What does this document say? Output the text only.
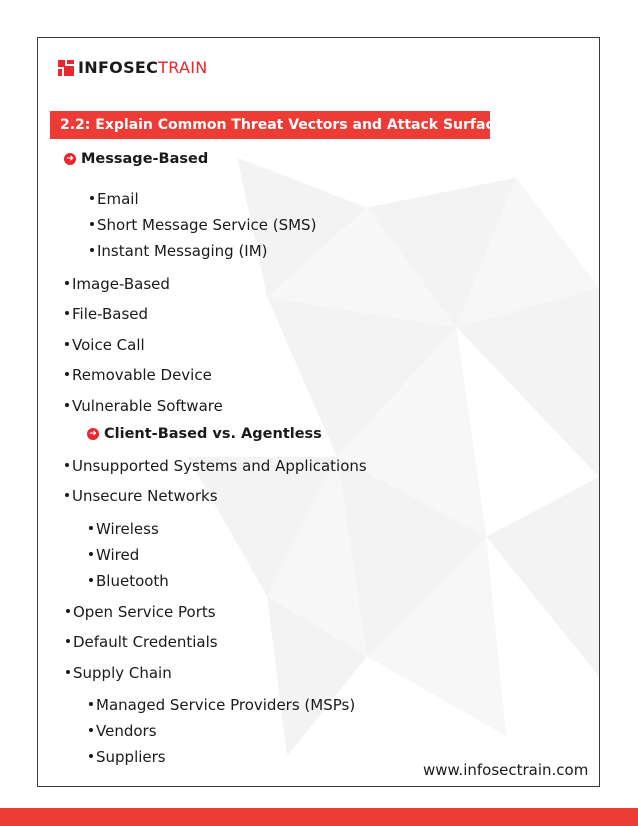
INFOSEC TRAIN
2.2: Explain Common Threat Vectors and Attack Surfaces
➜ Message-Based
Email
Short Message Service (SMS)
Instant Messaging (IM)
Image-Based
File-Based
Voice Call
Removable Device
Vulnerable Software
➜ Client-Based vs. Agentless
Unsupported Systems and Applications
Unsecure Networks
Wireless
Wired
Bluetooth
Open Service Ports
Default Credentials
Supply Chain
Managed Service Providers (MSPs)
Vendors
Suppliers
www.infosectrain.com
